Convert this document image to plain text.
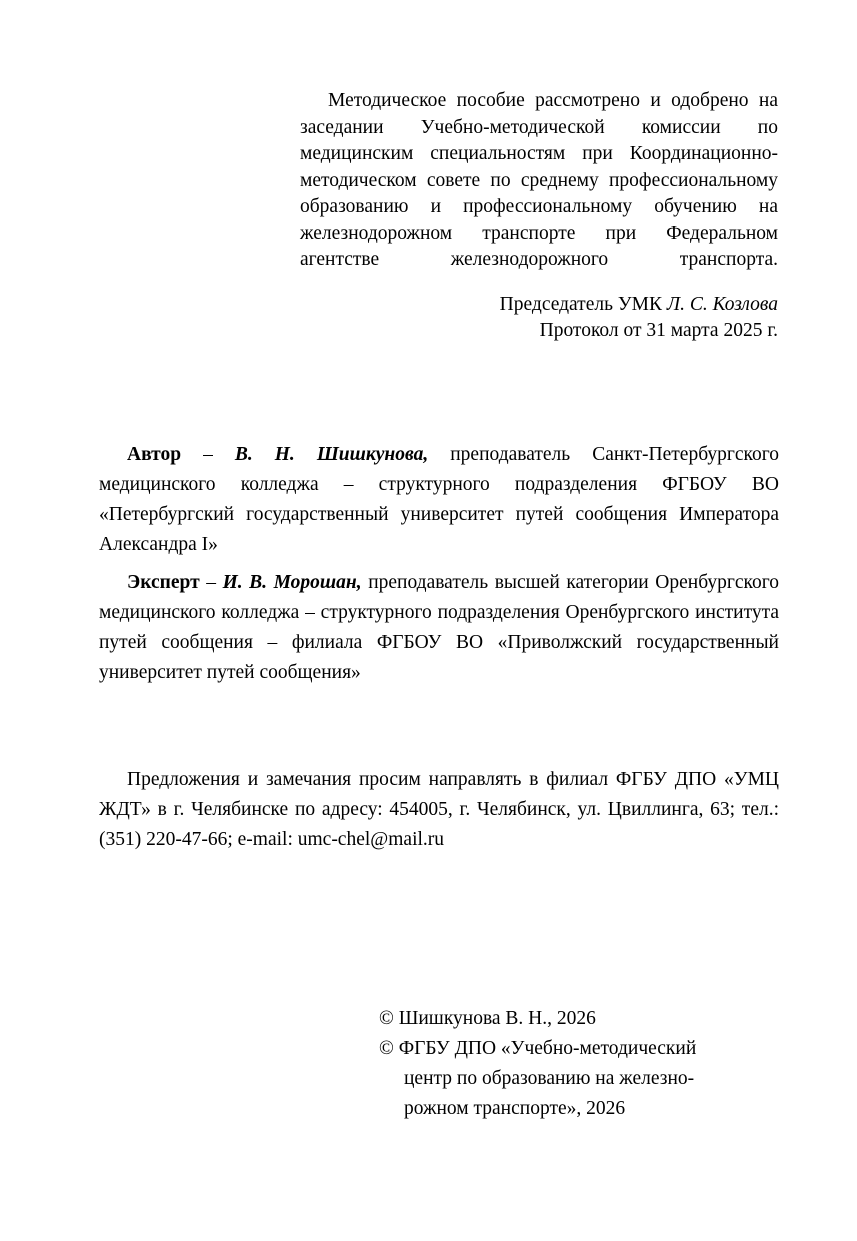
Методическое пособие рассмотрено и одобрено на заседании Учебно-методической комиссии по медицинским специальностям при Координационно-методическом совете по среднему профессиональному образованию и профессиональному обучению на железнодорожном транспорте при Федеральном агентстве железнодорожного транспорта.

Председатель УМК Л. С. Козлова

Протокол от 31 марта 2025 г.

Автор – В. Н. Шишкунова, преподаватель Санкт-Петербургского медицинского колледжа – структурного подразделения ФГБОУ ВО «Петербургский государственный университет путей сообщения Императора Александра I»

Эксперт – И. В. Морошан, преподаватель высшей категории Оренбургского медицинского колледжа – структурного подразделения Оренбургского института путей сообщения – филиала ФГБОУ ВО «Приволжский государственный университет путей сообщения»

Предложения и замечания просим направлять в филиал ФГБУ ДПО «УМЦ ЖДТ» в г. Челябинске по адресу: 454005, г. Челябинск, ул. Цвиллинга, 63; тел.: (351) 220-47-66; e-mail: umc-chel@mail.ru

© Шишкунова В. Н., 2026

© ФГБУ ДПО «Учебно-методический

центр по образованию на железно-

рожном транспорте», 2026
